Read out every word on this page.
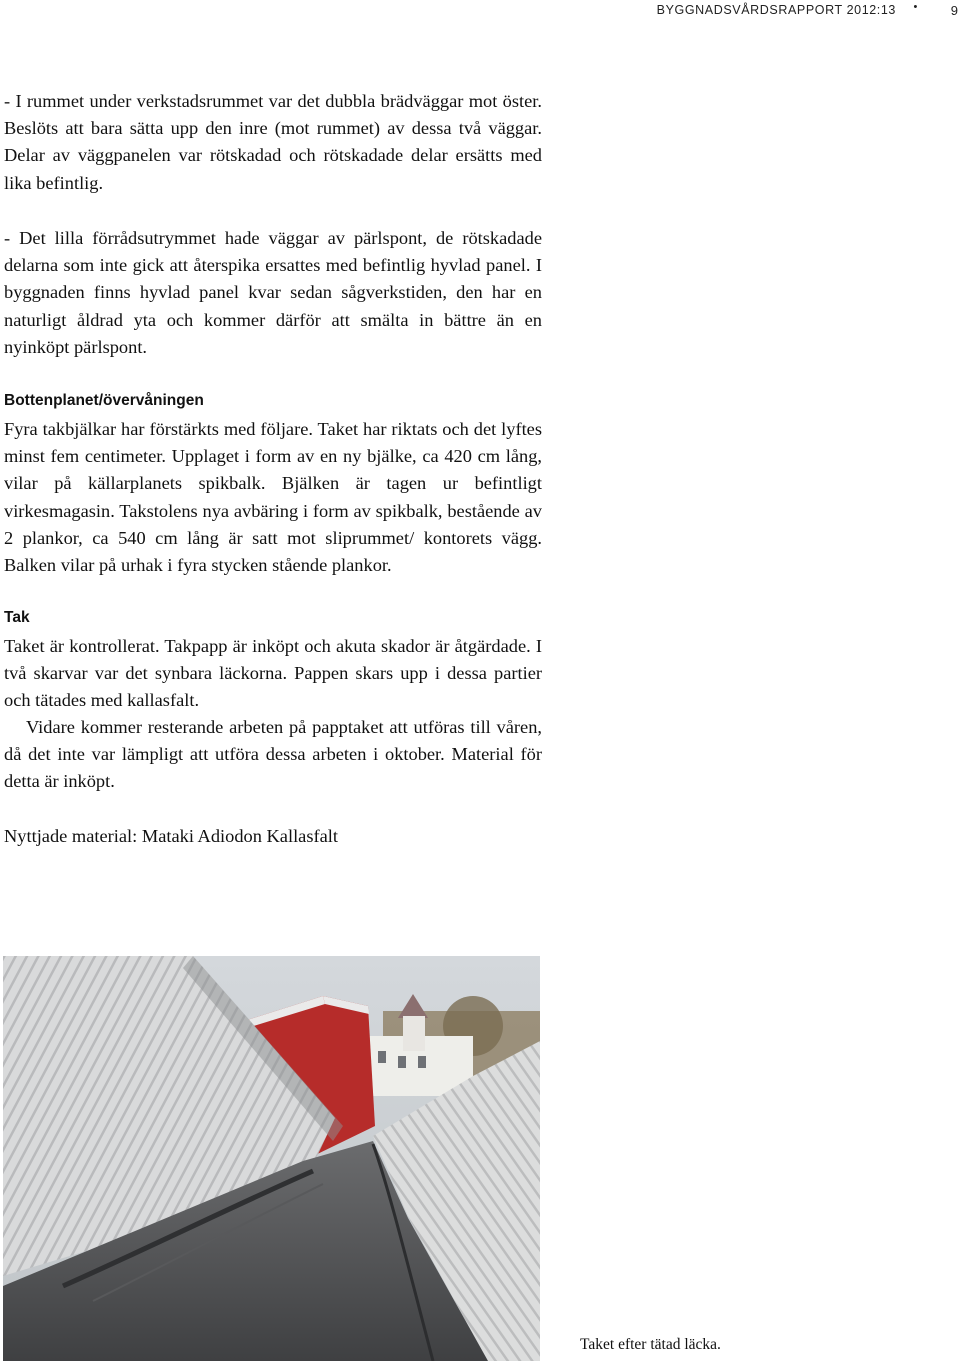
BYGGNADSVÅRDSRAPPORT 2012:13 •	9

- I rummet under verkstadsrummet var det dubbla brädväggar mot öster. Beslöts att bara sätta upp den inre (mot rummet) av dessa två väggar. Delar av väggpanelen var rötskadad och rötskadade delar ersätts med lika befintlig.

- Det lilla förrådsutrymmet hade väggar av pärlspont, de rötskadade delarna som inte gick att återspika ersattes med befintlig hyvlad panel. I byggnaden finns hyvlad panel kvar sedan sågverkstiden, den har en naturligt åldrad yta och kommer därför att smälta in bättre än en nyinköpt pärlspont.

Bottenplanet/övervåningen

Fyra takbjälkar har förstärkts med följare. Taket har riktats och det lyftes minst fem centimeter. Upplaget i form av en ny bjälke, ca 420 cm lång, vilar på källarplanets spikbalk. Bjälken är tagen ur befintligt virkesmagasin. Takstolens nya avbäring i form av spikbalk, bestående av 2 plankor, ca 540 cm lång är satt mot sliprummet/ kontorets vägg. Balken vilar på urhak i fyra stycken stående plankor.

Tak

Taket är kontrollerat. Takpapp är inköpt och akuta skador är åtgärdade. I två skarvar var det synbara läckorna. Pappen skars upp i dessa partier och tätades med kallasfalt.

Vidare kommer resterande arbeten på papptaket att utföras till våren, då det inte var lämpligt att utföra dessa arbeten i oktober. Material för detta är inköpt.

Nyttjade material: Mataki Adiodon Kallasfalt

Taket efter tätad läcka.
